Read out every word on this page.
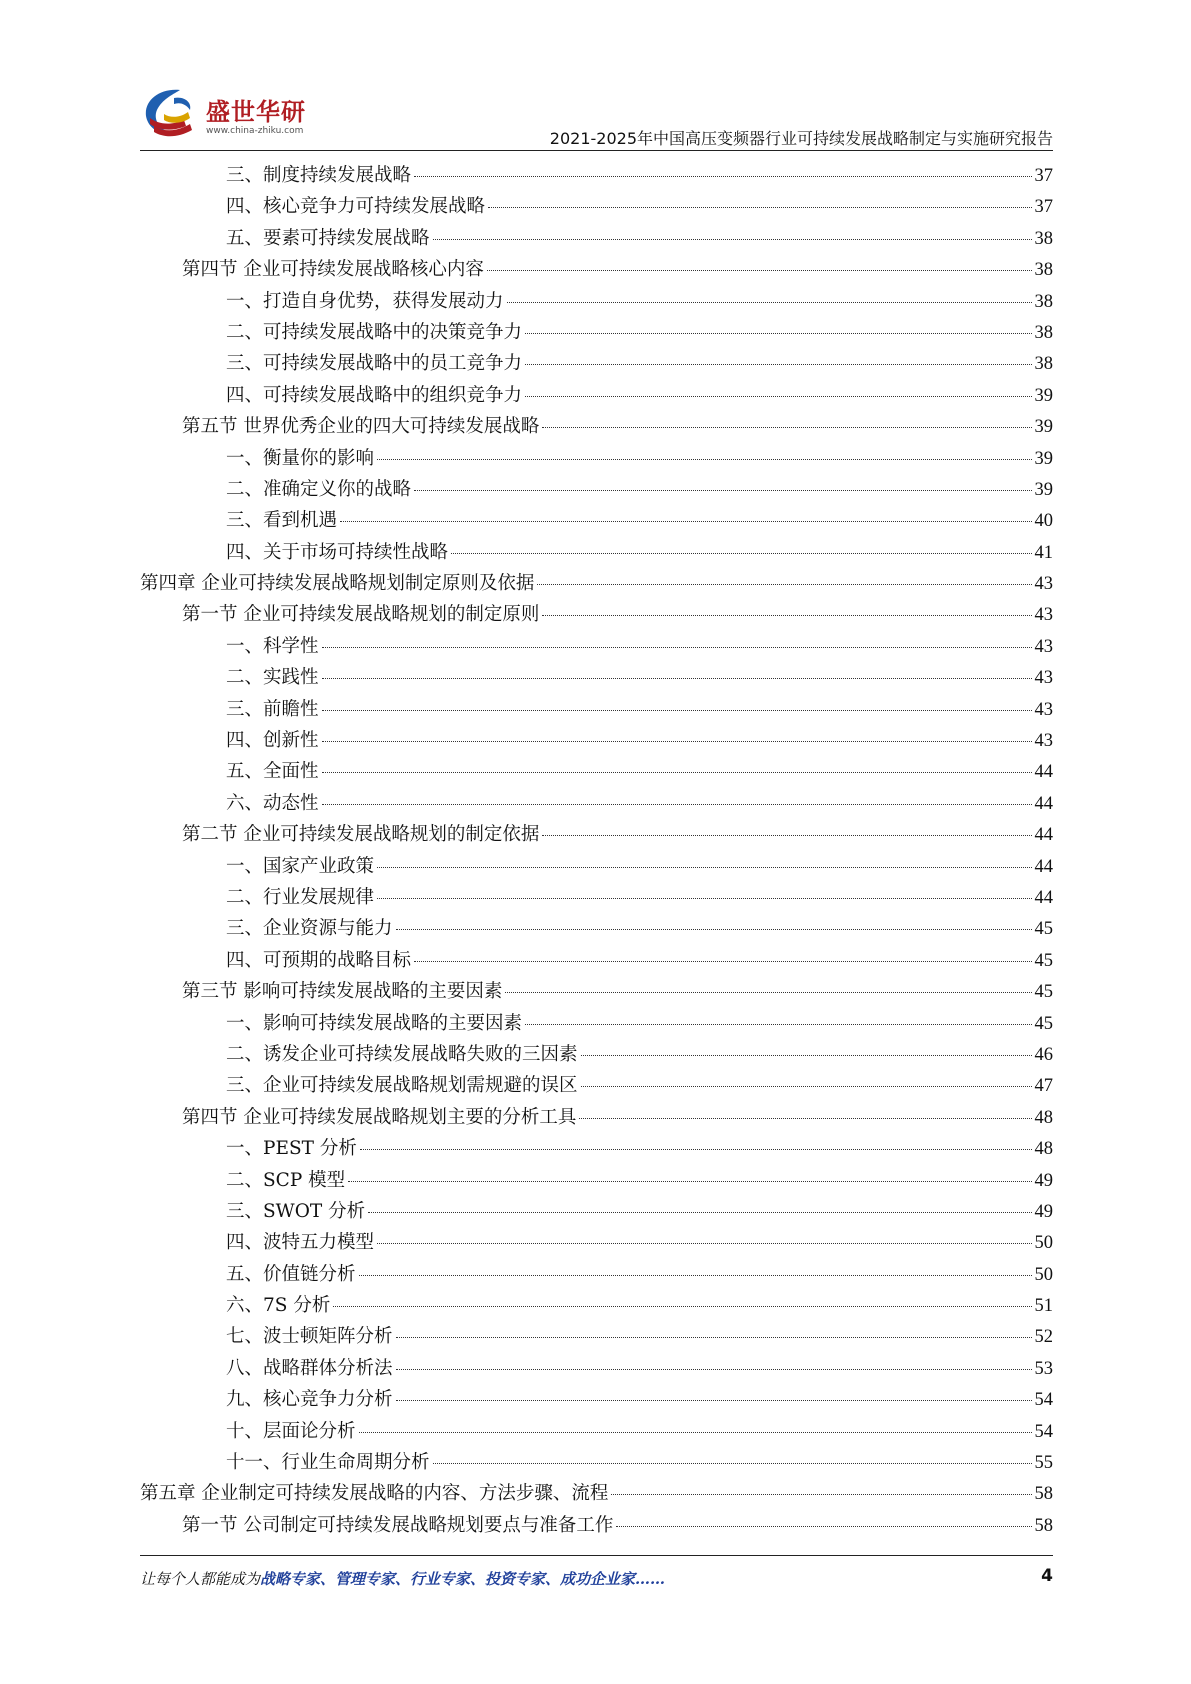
盛世华研
www.china-zhiku.com	2021-2025年中国高压变频器行业可持续发展战略制定与实施研究报告
三、制度持续发展战略	37
四、核心竞争力可持续发展战略	37
五、要素可持续发展战略	38
第四节 企业可持续发展战略核心内容	38
一、打造自身优势，获得发展动力	38
二、可持续发展战略中的决策竞争力	38
三、可持续发展战略中的员工竞争力	38
四、可持续发展战略中的组织竞争力	39
第五节 世界优秀企业的四大可持续发展战略	39
一、衡量你的影响	39
二、准确定义你的战略	39
三、看到机遇	40
四、关于市场可持续性战略	41
第四章 企业可持续发展战略规划制定原则及依据	43
第一节 企业可持续发展战略规划的制定原则	43
一、科学性	43
二、实践性	43
三、前瞻性	43
四、创新性	43
五、全面性	44
六、动态性	44
第二节 企业可持续发展战略规划的制定依据	44
一、国家产业政策	44
二、行业发展规律	44
三、企业资源与能力	45
四、可预期的战略目标	45
第三节 影响可持续发展战略的主要因素	45
一、影响可持续发展战略的主要因素	45
二、诱发企业可持续发展战略失败的三因素	46
三、企业可持续发展战略规划需规避的误区	47
第四节 企业可持续发展战略规划主要的分析工具	48
一、PEST 分析	48
二、SCP 模型	49
三、SWOT 分析	49
四、波特五力模型	50
五、价值链分析	50
六、7S 分析	51
七、波士顿矩阵分析	52
八、战略群体分析法	53
九、核心竞争力分析	54
十、层面论分析	54
十一、行业生命周期分析	55
第五章 企业制定可持续发展战略的内容、方法步骤、流程	58
第一节 公司制定可持续发展战略规划要点与准备工作	58
让每个人都能成为战略专家、管理专家、行业专家、投资专家、成功企业家……	4
